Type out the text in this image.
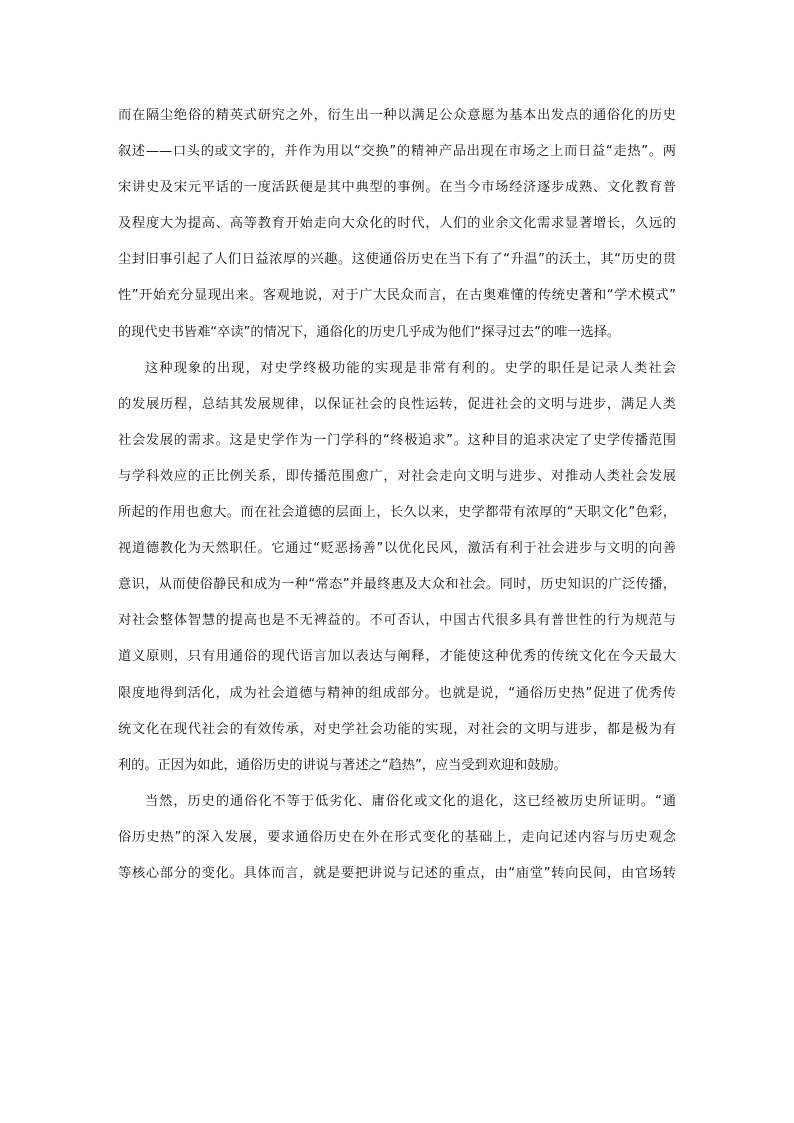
而在隔尘绝俗的精英式研究之外，衍生出一种以满足公众意愿为基本出发点的通俗化的历史
叙述——口头的或文字的，并作为用以“交换”的精神产品出现在市场之上而日益“走热”。两
宋讲史及宋元平话的一度活跃便是其中典型的事例。在当今市场经济逐步成熟、文化教育普
及程度大为提高、高等教育开始走向大众化的时代，人们的业余文化需求显著增长，久远的
尘封旧事引起了人们日益浓厚的兴趣。这使通俗历史在当下有了“升温”的沃土，其“历史的贯
性”开始充分显现出来。客观地说，对于广大民众而言，在古奥难懂的传统史著和“学术模式”
的现代史书皆难“卒读”的情况下，通俗化的历史几乎成为他们“探寻过去”的唯一选择。
这种现象的出现，对史学终极功能的实现是非常有利的。史学的职任是记录人类社会
的发展历程，总结其发展规律，以保证社会的良性运转，促进社会的文明与进步，满足人类
社会发展的需求。这是史学作为一门学科的“终极追求”。这种目的追求决定了史学传播范围
与学科效应的正比例关系，即传播范围愈广，对社会走向文明与进步、对推动人类社会发展
所起的作用也愈大。而在社会道德的层面上，长久以来，史学都带有浓厚的“天职文化”色彩，
视道德教化为天然职任。它通过“贬恶扬善”以优化民风，激活有利于社会进步与文明的向善
意识，从而使俗静民和成为一种“常态”并最终惠及大众和社会。同时，历史知识的广泛传播，
对社会整体智慧的提高也是不无裨益的。不可否认，中国古代很多具有普世性的行为规范与
道义原则，只有用通俗的现代语言加以表达与阐释，才能使这种优秀的传统文化在今天最大
限度地得到活化，成为社会道德与精神的组成部分。也就是说，“通俗历史热”促进了优秀传
统文化在现代社会的有效传承，对史学社会功能的实现，对社会的文明与进步，都是极为有
利的。正因为如此，通俗历史的讲说与著述之“趋热”，应当受到欢迎和鼓励。
当然，历史的通俗化不等于低劣化、庸俗化或文化的退化，这已经被历史所证明。“通
俗历史热”的深入发展，要求通俗历史在外在形式变化的基础上，走向记述内容与历史观念
等核心部分的变化。具体而言，就是要把讲说与记述的重点，由“庙堂”转向民间，由官场转
